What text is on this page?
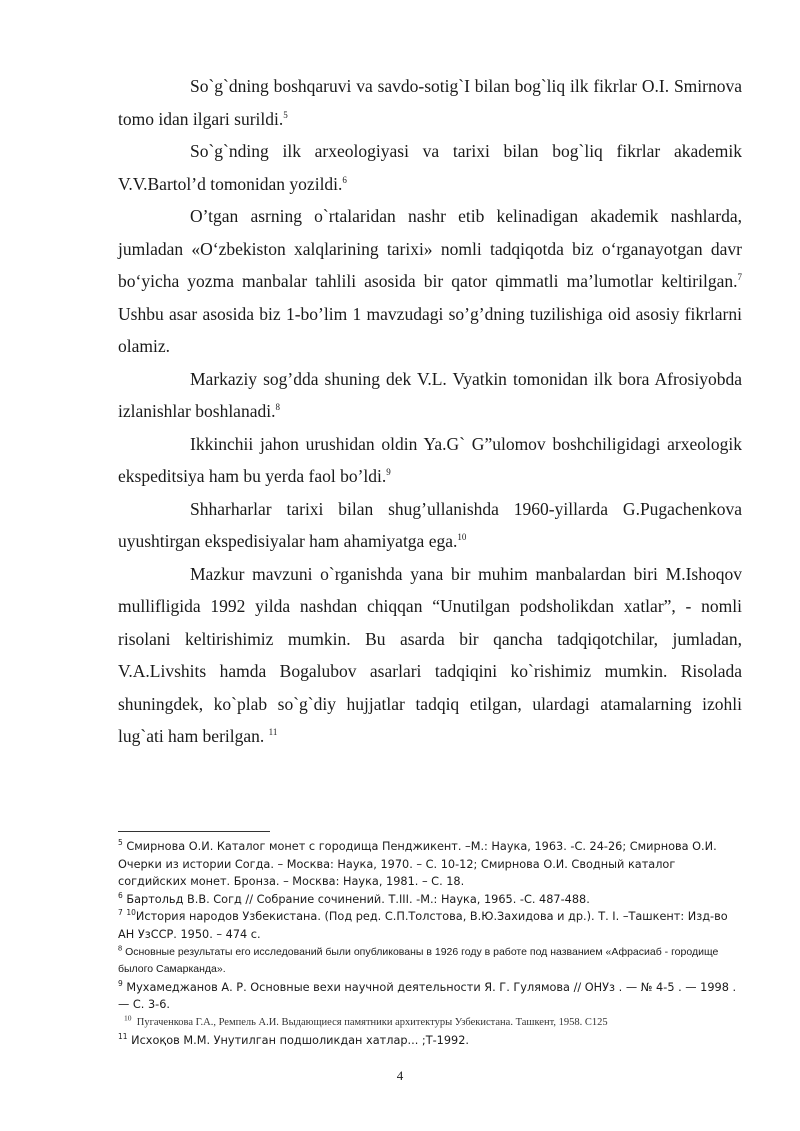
So`g`dning boshqaruvi va savdo-sotig`I bilan bog`liq ilk fikrlar O.I. Smirnova tomo idan ilgari surildi.$^5$

So`g`nding ilk arxeologiyasi va tarixi bilan bog`liq fikrlar akademik V.V.Bartol’d tomonidan yozildi.$^6$

O’tgan asrning o`rtalaridan nashr etib kelinadigan akademik nashlarda, jumladan «O‘zbekiston xalqlarining tarixi» nomli tadqiqotda biz o‘rganayotgan davr bo‘yicha yozma manbalar tahlili asosida bir qator qimmatli ma’lumotlar keltirilgan.$^7$ Ushbu asar asosida biz 1-bo’lim 1 mavzudagi so’g’dning tuzilishiga oid asosiy fikrlarni olamiz.

Markaziy sog’dda shuning dek V.L. Vyatkin tomonidan ilk bora Afrosiyobda izlanishlar boshlanadi.$^8$

Ikkinchii jahon urushidan oldin Ya.G` G”ulomov boshchiligidagi arxeologik ekspeditsiya ham bu yerda faol bo’ldi.$^9$

Shharharlar tarixi bilan shug’ullanishda 1960-yillarda G.Pugachenkova uyushtirgan ekspedisiyalar ham ahamiyatga ega.$^{10}$

Mazkur mavzuni o`rganishda yana bir muhim manbalardan biri M.Ishoqov mullifligida 1992 yilda nashdan chiqqan “Unutilgan podsholikdan xatlar”, - nomli risolani keltirishimiz mumkin. Bu asarda bir qancha tadqiqotchilar, jumladan, V.A.Livshits hamda Bogalubov asarlari tadqiqini ko`rishimiz mumkin. Risolada shuningdek, ko`plab so`g`diy hujjatlar tadqiq etilgan, ulardagi atamalarning izohli lug`ati ham berilgan. $^{11}$

$^5$ Смирнова О.И. Каталог монет с городища Пенджикент. –М.: Наука, 1963. -С. 24-26; Смирнова О.И. Очерки из истории Согда. – Москва: Наука, 1970. – С. 10-12; Смирнова О.И. Сводный каталог согдийских монет. Бронза. – Москва: Наука, 1981. – С. 18.

$^6$ Бартольд В.В. Согд // Собрание сочинений. Т.III. -М.: Наука, 1965. -С. 487-488.

$^7$ $^{10}$История народов Узбекистана. (Под ред. С.П.Толстова, В.Ю.Захидова и др.). Т. I. –Ташкент: Изд-во АН УзССР. 1950. – 474 с.

$^8$ Основные результаты его исследований были опубликованы в 1926 году в работе под названием «Афрасиаб - городище былого Самарканда».

$^9$ Мухамеджанов А. Р. Основные вехи научной деятельности Я. Г. Гулямова // ОНУз . — № 4-5 . — 1998 . — С. 3-6.

$^{10}$ Пугаченкова Г.А., Ремпель А.И. Выдающиеся памятники архитектуры Узбекистана. Ташкент, 1958. С125

$^{11}$ Исхоқов М.М. Унутилган подшоликдан хатлар... ;Т-1992.

4
